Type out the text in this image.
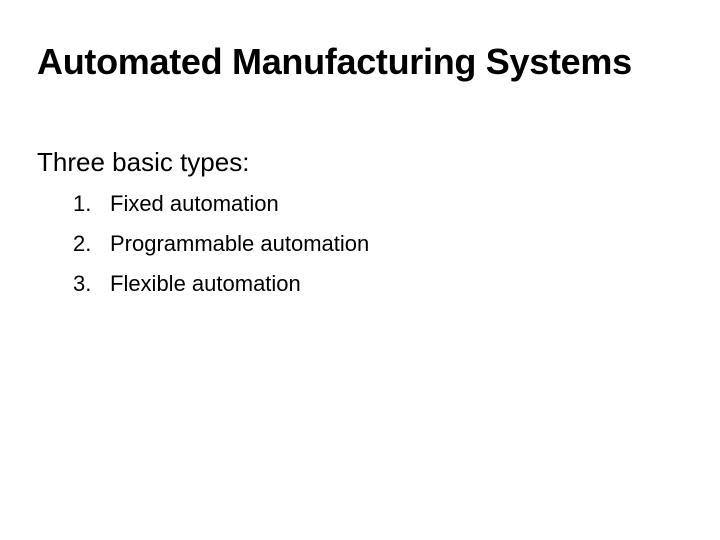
Automated Manufacturing Systems

Three basic types:

1. Fixed automation
2. Programmable automation
3. Flexible automation
